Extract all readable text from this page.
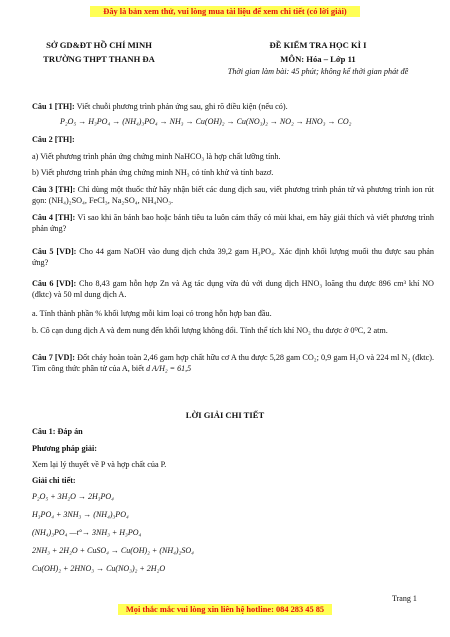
Đây là bản xem thử, vui lòng mua tài liệu để xem chi tiết (có lời giải)
SỞ GD&ĐT HỒ CHÍ MINH
TRƯỜNG THPT THANH ĐA
ĐỀ KIỂM TRA HỌC KÌ I
MÔN: Hóa – Lớp 11
Thời gian làm bài: 45 phút; không kể thời gian phát đề
Câu 1 [TH]: Viết chuỗi phương trình phản ứng sau, ghi rõ điều kiện (nếu có).
P₂O₅ → H₃PO₄ → (NH₄)₃PO₄ → NH₃ → Cu(OH)₂ → Cu(NO₃)₂ → NO₂ → HNO₃ → CO₂
Câu 2 [TH]:
a) Viết phương trình phản ứng chứng minh NaHCO₃ là hợp chất lưỡng tính.
b) Viết phương trình phản ứng chứng minh NH₃ có tính khử và tính bazơ.
Câu 3 [TH]: Chỉ dùng một thuốc thử hãy nhận biết các dung dịch sau, viết phương trình phản tử và phương trình ion rút gọn: (NH₄)₂SO₄, FeCl₃, Na₂SO₄, NH₄NO₃.
Câu 4 [TH]: Vì sao khi ăn bánh bao hoặc bánh tiêu ta luôn cảm thấy có mùi khai, em hãy giải thích và viết phương trình phản ứng?
Câu 5 [VD]: Cho 44 gam NaOH vào dung dịch chứa 39,2 gam H₃PO₄. Xác định khối lượng muối thu được sau phản ứng?
Câu 6 [VD]: Cho 8,43 gam hỗn hợp Zn và Ag tác dụng vừa đủ với dung dịch HNO₃ loãng thu được 896 cm³ khí NO (đktc) và 50 ml dung dịch A.
a. Tính thành phần % khối lượng mỗi kim loại có trong hỗn hợp ban đầu.
b. Cô cạn dung dịch A và đem nung đến khối lượng không đổi. Tính thể tích khí NO₂ thu được ở 0⁰C, 2 atm.
Câu 7 [VD]: Đốt cháy hoàn toàn 2,46 gam hợp chất hữu cơ A thu được 5,28 gam CO₂; 0,9 gam H₂O và 224 ml N₂ (đktc). Tìm công thức phân tử của A, biết d A/H₂ = 61,5
LỜI GIẢI CHI TIẾT
Câu 1: Đáp án
Phương pháp giải:
Xem lại lý thuyết về P và hợp chất của P.
Giải chi tiết:
P₂O₅ + 3H₂O → 2H₃PO₄
H₃PO₄ + 3NH₃ → (NH₄)₃PO₄
(NH₄)₃PO₄ —t°→ 3NH₃ + H₃PO₄
2NH₃ + 2H₂O + CuSO₄ → Cu(OH)₂ + (NH₄)₂SO₄
Cu(OH)₂ + 2HNO₃ → Cu(NO₃)₂ + 2H₂O
Trang 1
Mọi thắc mắc vui lòng xin liên hệ hotline: 084 283 45 85
